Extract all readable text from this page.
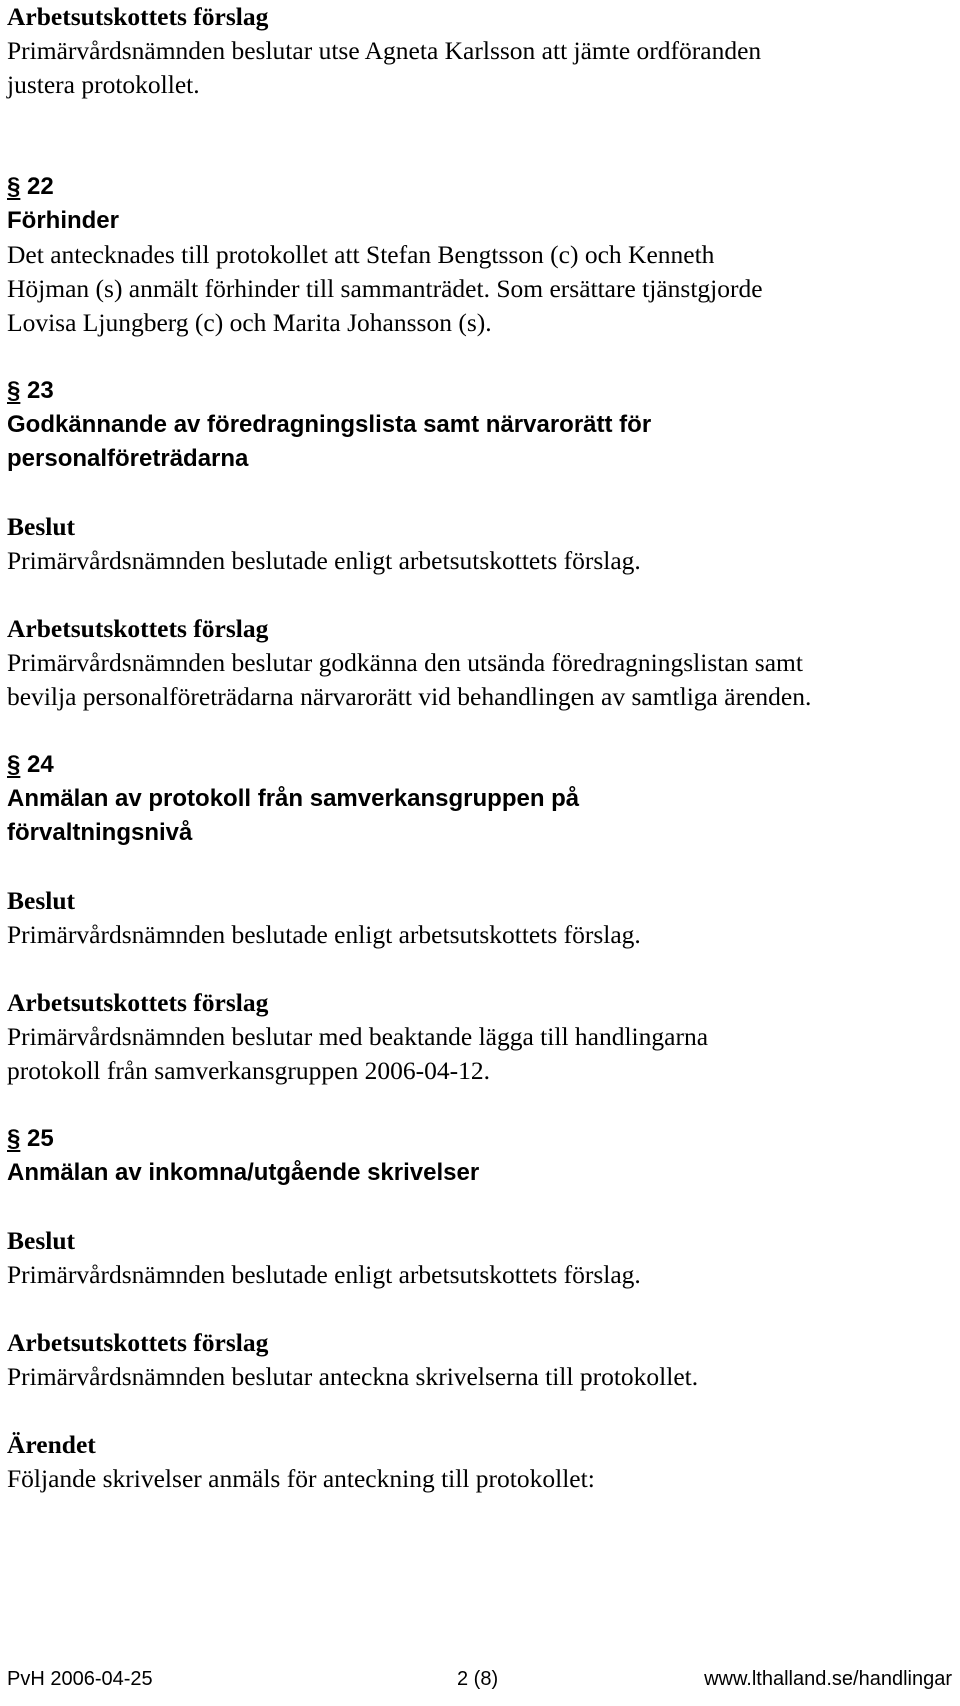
Arbetsutskottets förslag

Primärvårdsnämnden beslutar utse Agneta Karlsson att jämte ordföranden

justera protokollet.

§ 22

Förhinder

Det antecknades till protokollet att Stefan Bengtsson (c) och Kenneth

Höjman (s) anmält förhinder till sammanträdet. Som ersättare tjänstgjorde

Lovisa Ljungberg (c) och Marita Johansson (s).

§ 23

Godkännande av föredragningslista samt närvarorätt för

personalföreträdarna

Beslut

Primärvårdsnämnden beslutade enligt arbetsutskottets förslag.

Arbetsutskottets förslag

Primärvårdsnämnden beslutar godkänna den utsända föredragningslistan samt

bevilja personalföreträdarna närvarorätt vid behandlingen av samtliga ärenden.

§ 24

Anmälan av protokoll från samverkansgruppen på

förvaltningsnivå

Beslut

Primärvårdsnämnden beslutade enligt arbetsutskottets förslag.

Arbetsutskottets förslag

Primärvårdsnämnden beslutar med beaktande lägga till handlingarna

protokoll från samverkansgruppen 2006-04-12.

§ 25

Anmälan av inkomna/utgående skrivelser

Beslut

Primärvårdsnämnden beslutade enligt arbetsutskottets förslag.

Arbetsutskottets förslag

Primärvårdsnämnden beslutar anteckna skrivelserna till protokollet.

Ärendet

Följande skrivelser anmäls för anteckning till protokollet:

PvH 2006-04-25	2 (8)	www.lthalland.se/handlingar
